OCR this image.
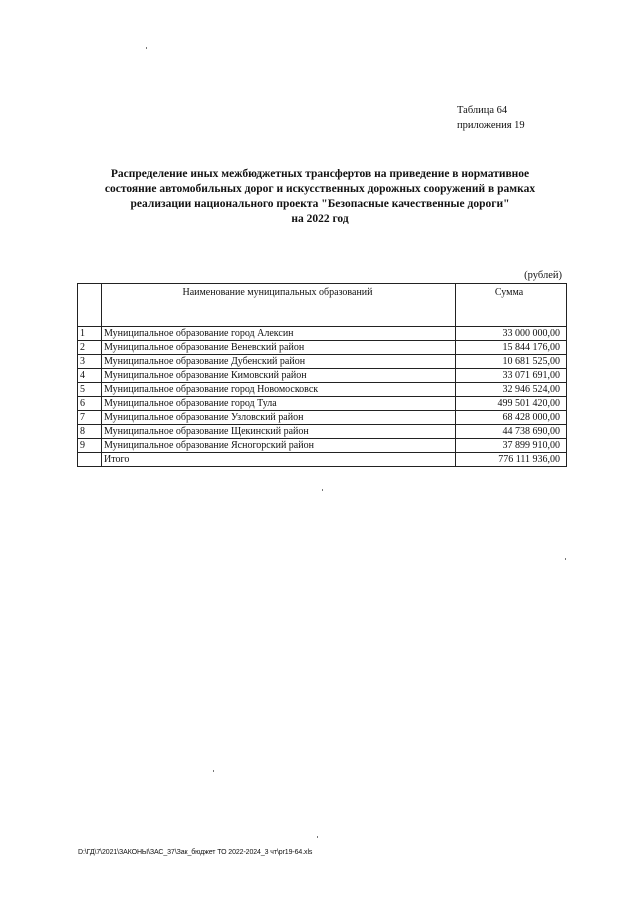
Таблица 64
приложения 19
Распределение иных межбюджетных трансфертов на приведение в нормативное
состояние автомобильных дорог и искусственных дорожных сооружений в рамках
реализации национального проекта "Безопасные качественные дороги"
на 2022 год
(рублей)
	Наименование муниципальных образований	Сумма
1	Муниципальное образование город Алексин	33 000 000,00
2	Муниципальное образование Веневский район	15 844 176,00
3	Муниципальное образование Дубенский район	10 681 525,00
4	Муниципальное образование Кимовский район	33 071 691,00
5	Муниципальное образование город Новомосковск	32 946 524,00
6	Муниципальное образование город Тула	499 501 420,00
7	Муниципальное образование Узловский район	68 428 000,00
8	Муниципальное образование Щекинский район	44 738 690,00
9	Муниципальное образование Ясногорский район	37 899 910,00
	Итого	776 111 936,00
D:\ГД\7\2021\ЗАКОНЫ\ЗАС_37\Зак_бюджет ТО 2022-2024_3 чт\pr19-64.xls
